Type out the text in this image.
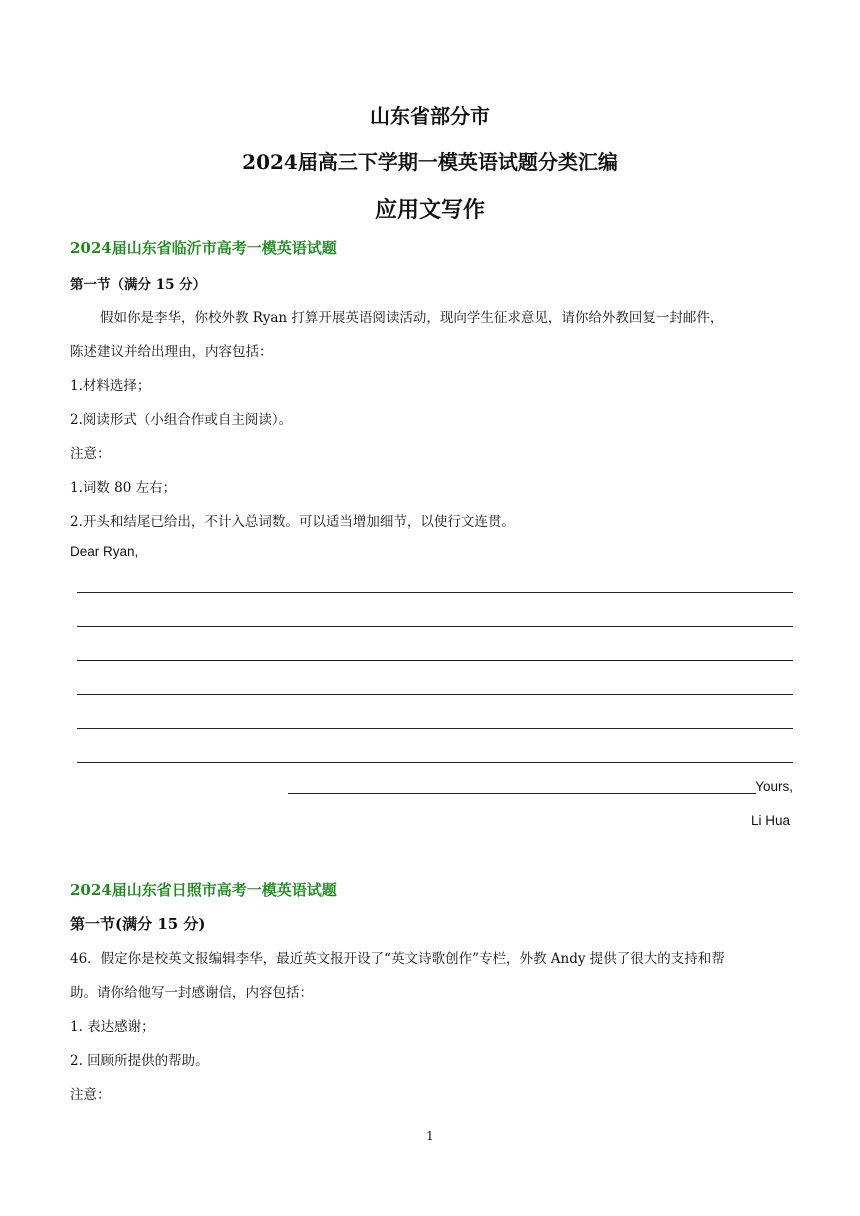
山东省部分市
2024届高三下学期一模英语试题分类汇编
应用文写作
2024届山东省临沂市高考一模英语试题
第一节（满分 15 分）
假如你是李华，你校外教 Ryan 打算开展英语阅读活动，现向学生征求意见，请你给外教回复一封邮件，
陈述建议并给出理由，内容包括：
1.材料选择；
2.阅读形式（小组合作或自主阅读）。
注意：
1.词数 80 左右；
2.开头和结尾已给出，不计入总词数。可以适当增加细节，以使行文连贯。
Dear Ryan,
Yours,
Li Hua
2024届山东省日照市高考一模英语试题
第一节(满分 15 分)
46．假定你是校英文报编辑李华，最近英文报开设了“英文诗歌创作”专栏，外教 Andy 提供了很大的支持和帮
助。请你给他写一封感谢信，内容包括：
1. 表达感谢；
2. 回顾所提供的帮助。
注意：
1
